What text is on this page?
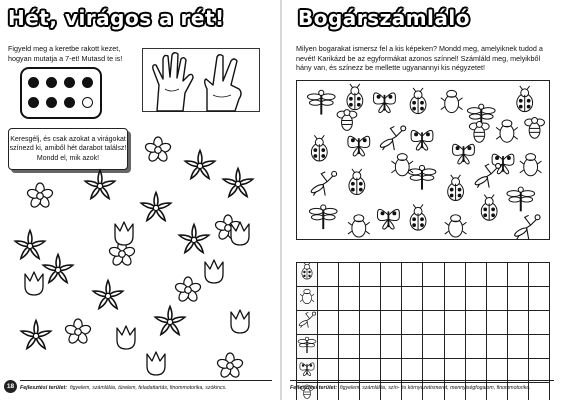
Hét, virágos a rét!
Figyeld meg a keretbe rakott kezet, hogyan mutatja a 7-et! Mutasd te is!
Keresgélj, és csak azokat a virágokat színezd ki, amiből hét darabot találsz! Mondd el, mik azok!
18	Fejlesztési terület: figyelem, számlálás, türelem, feladattartás, finommotorika, szókincs.
Bogárszámláló
Milyen bogarakat ismersz fel a kis képeken? Mondd meg, amelyiknek tudod a nevét! Karikázd be az egyformákat azonos színnel! Számláld meg, melyikből hány van, és színezz be mellette ugyanannyi kis négyzetet!

Fejlesztési terület: figyelem, számlálás, szín- és környezetismeret, mennyiségfogalom, finommotorika.
